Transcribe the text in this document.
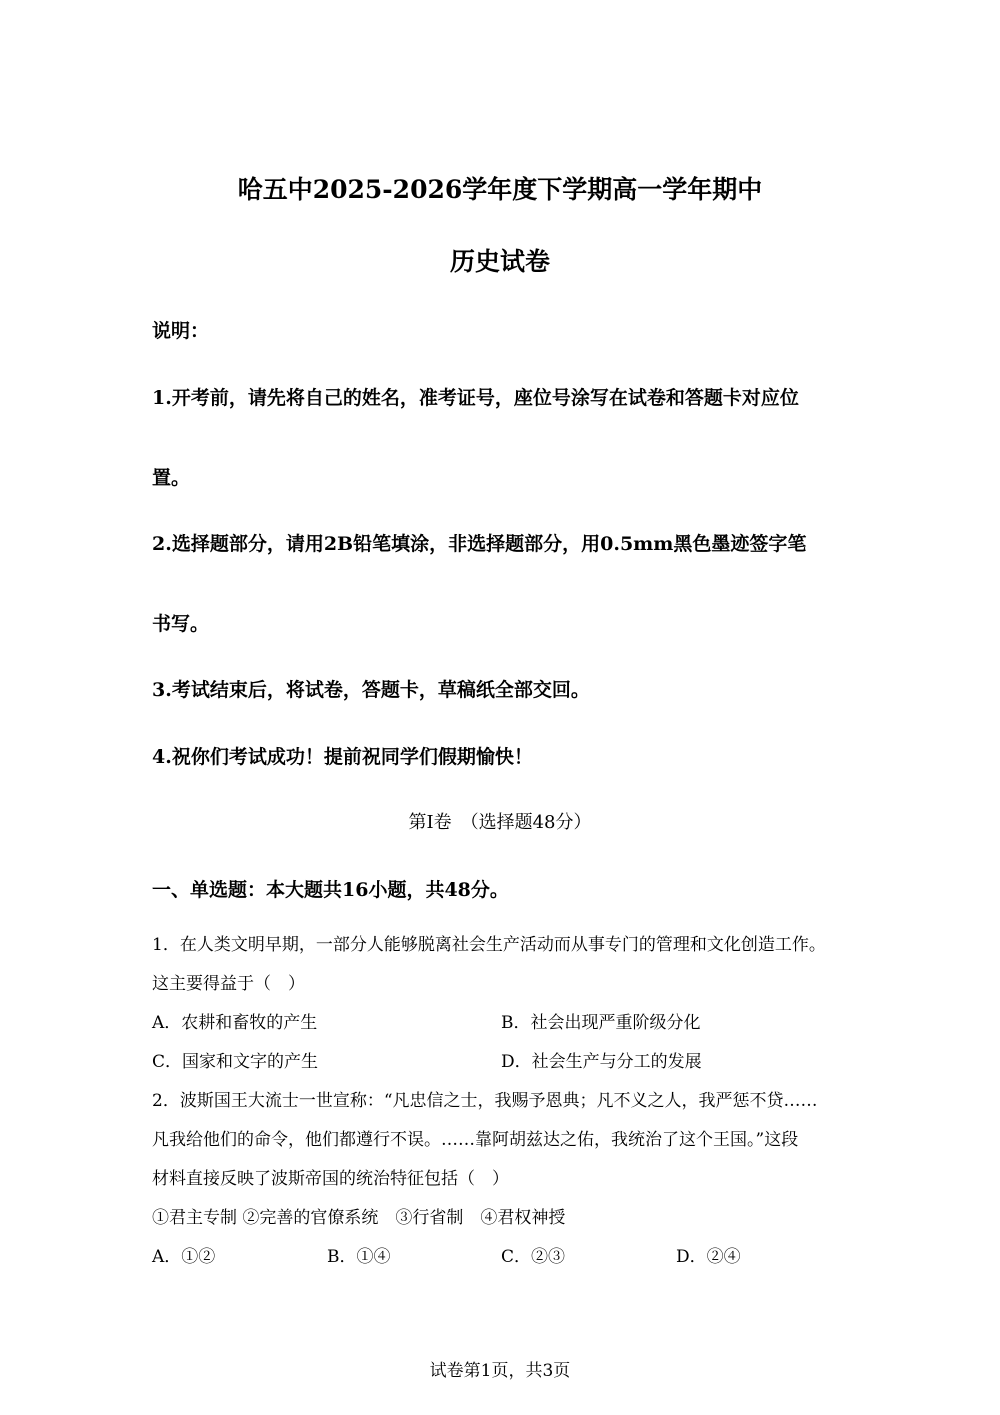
哈五中2025-2026学年度下学期高一学年期中
历史试卷
说明：
1.开考前，请先将自己的姓名，准考证号，座位号涂写在试卷和答题卡对应位
置。
2.选择题部分，请用2B铅笔填涂，非选择题部分，用0.5mm黑色墨迹签字笔
书写。
3.考试结束后，将试卷，答题卡，草稿纸全部交回。
4.祝你们考试成功！提前祝同学们假期愉快！
第Ⅰ卷　（选择题48分）
一、单选题：本大题共16小题，共48分。
1．在人类文明早期，一部分人能够脱离社会生产活动而从事专门的管理和文化创造工作。
这主要得益于（　）
A．农耕和畜牧的产生	B．社会出现严重阶级分化
C．国家和文字的产生	D．社会生产与分工的发展
2．波斯国王大流士一世宣称：“凡忠信之士，我赐予恩典；凡不义之人，我严惩不贷……
凡我给他们的命令，他们都遵行不误。……靠阿胡兹达之佑，我统治了这个王国。”这段
材料直接反映了波斯帝国的统治特征包括（　）
①君主专制 ②完善的官僚系统　③行省制　④君权神授
A．①②	B．①④	C．②③	D．②④
试卷第1页，共3页
